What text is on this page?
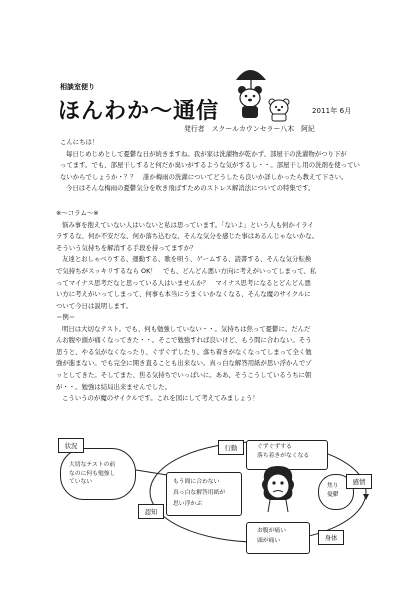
相談室便り
ほんわか～通信	2011年 6月
発行者　スクールカウンセラー八木　阿紀

こんにちは！

毎日じめじめとして憂鬱な日が続きますね。我が家は洗濯物が乾かず、部屋干の洗濯物がつり下が

ってます。でも、部屋干しすると何だか臭いがするような気がするし・・。部屋干し用の洗剤を使ってい

ないからでしょうか・？？　誰か梅雨の洗濯についてどうしたら良いか詳しかったら教えて下さい。

今日はそんな梅雨の憂鬱気分を吹き飛ばすためのストレス解消法についての特集です。

※～コラム～※

悩み事を抱えていない人はいないと私は思っています。「ないよ」という人も何かイライ

ラするな、何か不安だな、何か落ち込むな、そんな気分を感じた事はあるんじゃないかな。

そういう気持ちを解消する手段を持ってますか？

友達とおしゃべりする、運動する、歌を唄う、ゲームする、読書する、そんな気分転換

で気持ちがスッキリするなら OK！　でも、どんどん悪い方向に考えがいってしまって、私

ってマイナス思考だなと思っている人はいませんか？　マイナス思考になるとどんどん悪

い方に考えがいってしまって、何事も本当にうまくいかなくなる、そんな魔のサイクルに

ついて今日は説明します。

＝例＝

明日は大切なテスト。でも、何も勉強していない・・。気持ちは焦って憂鬱に。だんだ

んお腹や頭が痛くなってきた・・。そこで勉強すれば良いけど、もう間に合わない。そう

思うと、やる気がなくなったり、ぐずぐずしたり、落ち着きがなくなってしまって全く勉

強が進まない。でも完全に開き直ることも出来ない。真っ白な解答用紙が思い浮かんでゾ

ッとしてきた。そしてまた、焦る気持ちでいっぱいに。ああ、そうこうしているうちに朝

が・・。勉強は結局出来ませんでした。

こういうのが魔のサイクルです。これを図にして考えてみましょう！

大切なテストの前
なのに何も勉強し
ていない
状況	ぐずぐずする
落ち着きがなくなる
行動
焦り
憂鬱
感情
もう間に合わない
真っ白な解答用紙が
思い浮かぶ
認知
お腹が痛い
頭が痛い	身体
